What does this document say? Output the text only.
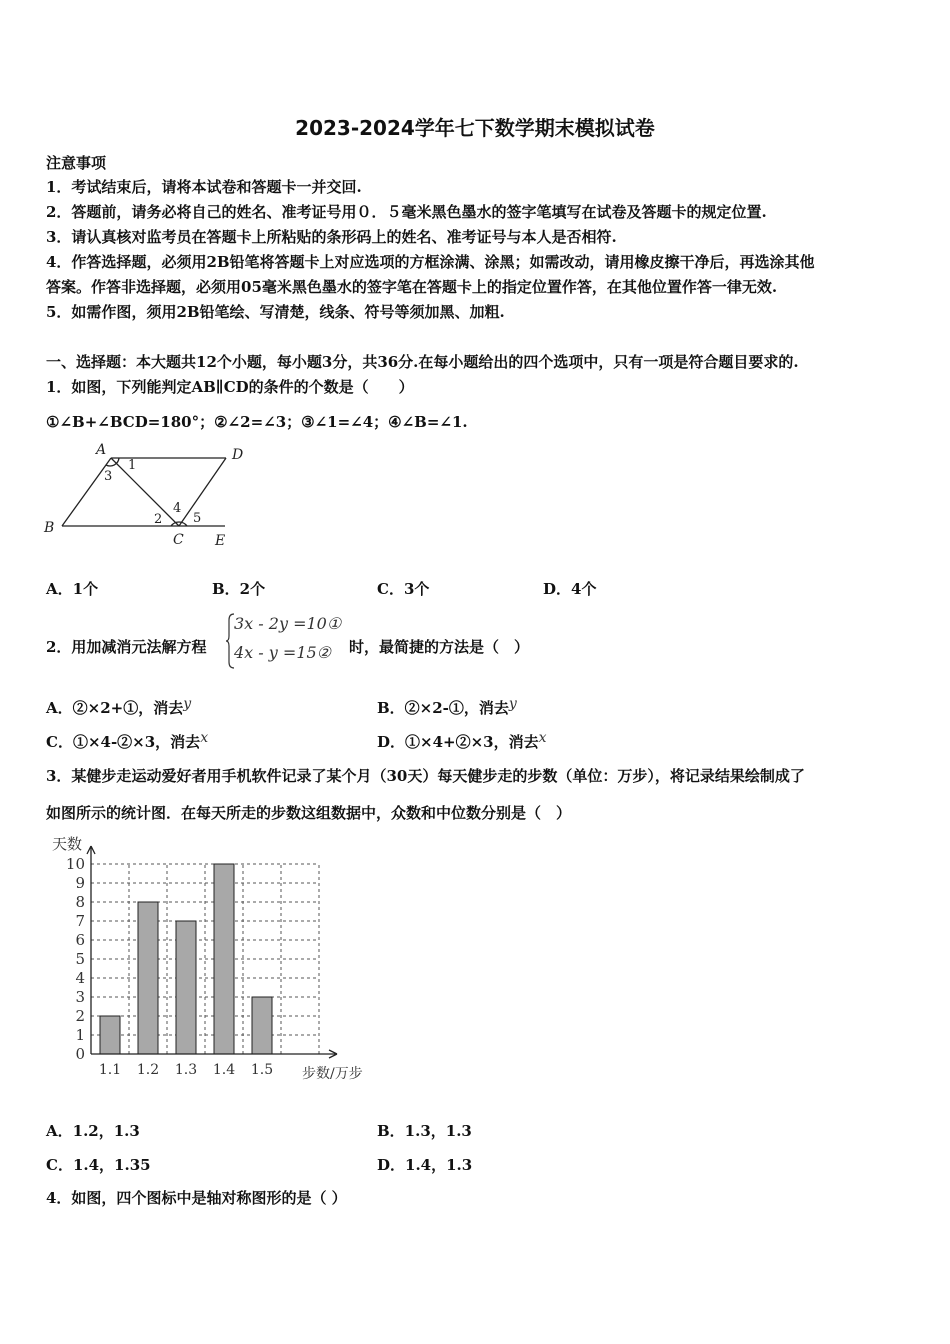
2023-2024学年七下数学期末模拟试卷
注意事项
1．考试结束后，请将本试卷和答题卡一并交回.
2．答题前，请务必将自己的姓名、准考证号用０．５毫米黑色墨水的签字笔填写在试卷及答题卡的规定位置.
3．请认真核对监考员在答题卡上所粘贴的条形码上的姓名、准考证号与本人是否相符.
4．作答选择题，必须用2B铅笔将答题卡上对应选项的方框涂满、涂黑；如需改动，请用橡皮擦干净后，再选涂其他
答案。作答非选择题，必须用05毫米黑色墨水的签字笔在答题卡上的指定位置作答，在其他位置作答一律无效.
5．如需作图，须用2B铅笔绘、写清楚，线条、符号等须加黑、加粗.
一、选择题：本大题共12个小题，每小题3分，共36分.在每小题给出的四个选项中，只有一项是符合题目要求的.
1．如图，下列能判定AB∥CD的条件的个数是（　　）
①∠B+∠BCD=180°；②∠2=∠3；③∠1=∠4；④∠B=∠1.
A	D
B
C E
1
3
2
4
5
A．1个	B．2个	C．3个	D．4个
2．用加减消元法解方程
3x - 2y =10①
4x - y =15② 时，最简捷的方法是（　）
A．②×2+①，消去y	B．②×2-①，消去y
C．①×4-②×3，消去x	D．①×4+②×3，消去x
3．某健步走运动爱好者用手机软件记录了某个月（30天）每天健步走的步数（单位：万步），将记录结果绘制成了
如图所示的统计图．在每天所走的步数这组数据中，众数和中位数分别是（　）
0
1
2
3
4
5
6
7
8
9
10
1.1 1.2 1.3 1.4 1.5
天数
步数/万步
A．1.2，1.3	B．1.3，1.3
C．1.4，1.35	D．1.4，1.3
4．如图，四个图标中是轴对称图形的是（ ）
